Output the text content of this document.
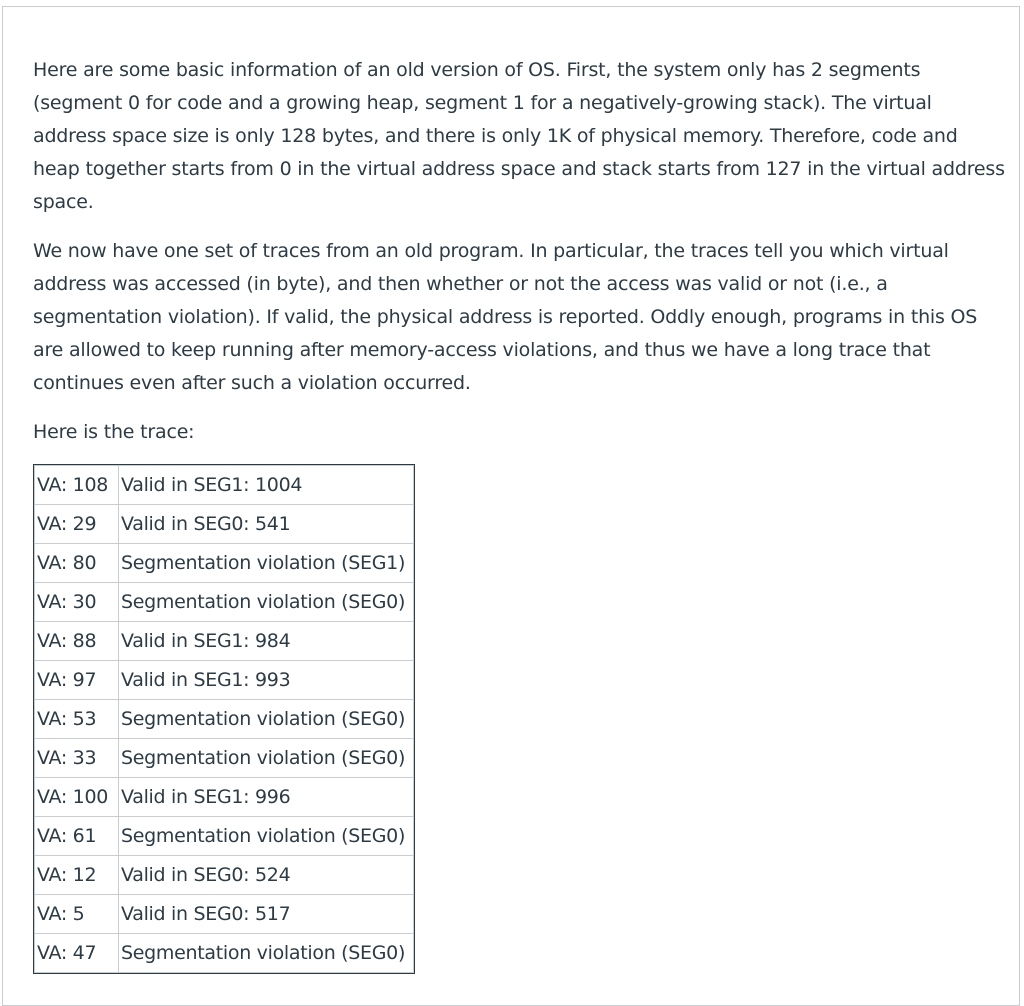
Here are some basic information of an old version of OS. First, the system only has 2 segments (segment 0 for code and a growing heap, segment 1 for a negatively-growing stack). The virtual address space size is only 128 bytes, and there is only 1K of physical memory. Therefore, code and heap together starts from 0 in the virtual address space and stack starts from 127 in the virtual address space.

We now have one set of traces from an old program. In particular, the traces tell you which virtual address was accessed (in byte), and then whether or not the access was valid or not (i.e., a segmentation violation). If valid, the physical address is reported. Oddly enough, programs in this OS are allowed to keep running after memory-access violations, and thus we have a long trace that continues even after such a violation occurred.

Here is the trace:

VA: 108	Valid in SEG1: 1004
VA: 29	Valid in SEG0: 541
VA: 80	Segmentation violation (SEG1)
VA: 30	Segmentation violation (SEG0)
VA: 88	Valid in SEG1: 984
VA: 97	Valid in SEG1: 993
VA: 53	Segmentation violation (SEG0)
VA: 33	Segmentation violation (SEG0)
VA: 100	Valid in SEG1: 996
VA: 61	Segmentation violation (SEG0)
VA: 12	Valid in SEG0: 524
VA: 5	Valid in SEG0: 517
VA: 47	Segmentation violation (SEG0)
